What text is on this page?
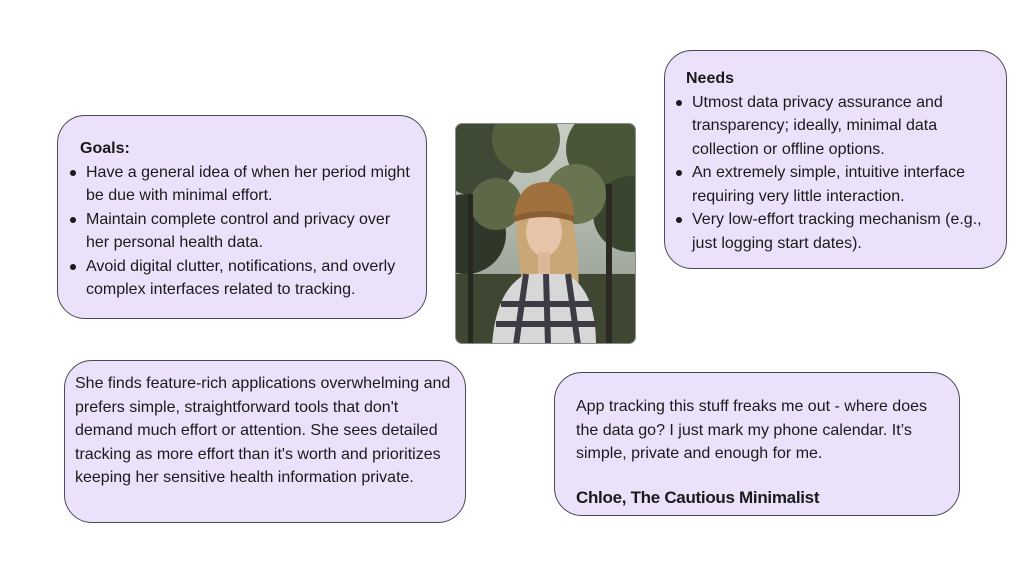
Goals:
Have a general idea of when her period might be due with minimal effort.
Maintain complete control and privacy over her personal health data.
Avoid digital clutter, notifications, and overly complex interfaces related to tracking.
Needs
Utmost data privacy assurance and transparency; ideally, minimal data collection or offline options.
An extremely simple, intuitive interface requiring very little interaction.
Very low-effort tracking mechanism (e.g., just logging start dates).
She finds feature-rich applications overwhelming and prefers simple, straightforward tools that don't demand much effort or attention. She sees detailed tracking as more effort than it's worth and prioritizes keeping her sensitive health information private.
App tracking this stuff freaks me out - where does the data go? I just mark my phone calendar. It’s simple, private and enough for me.
Chloe, The Cautious Minimalist
